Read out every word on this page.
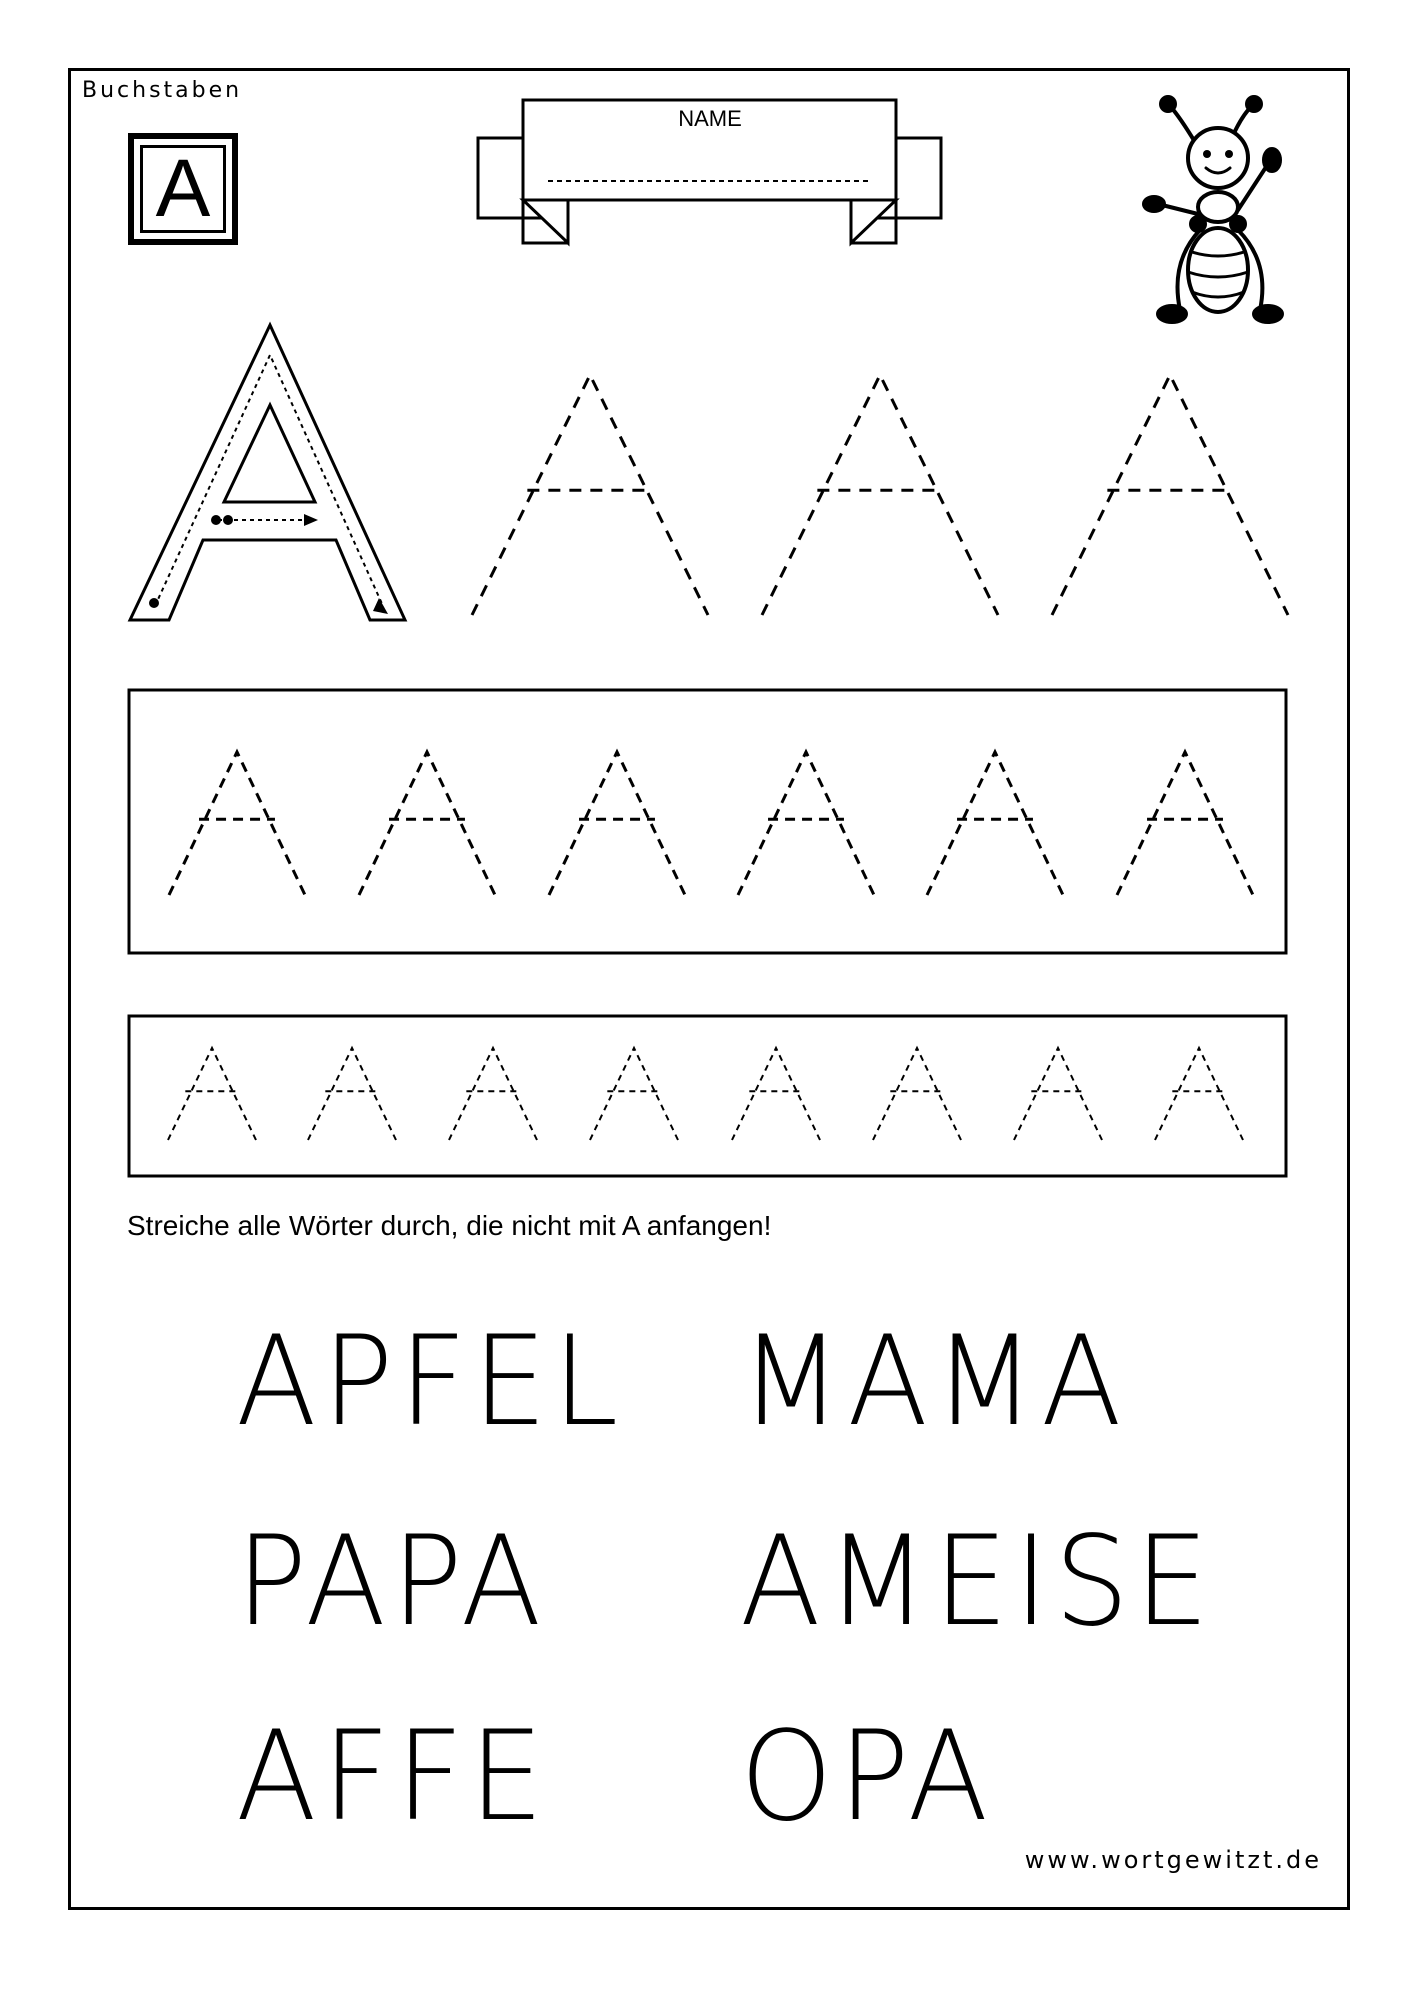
Buchstaben
A
NAME
Streiche alle Wörter durch, die nicht mit A anfangen!
APFEL MAMA
PAPA AMEISE
AFFE OPA
www.wortgewitzt.de
